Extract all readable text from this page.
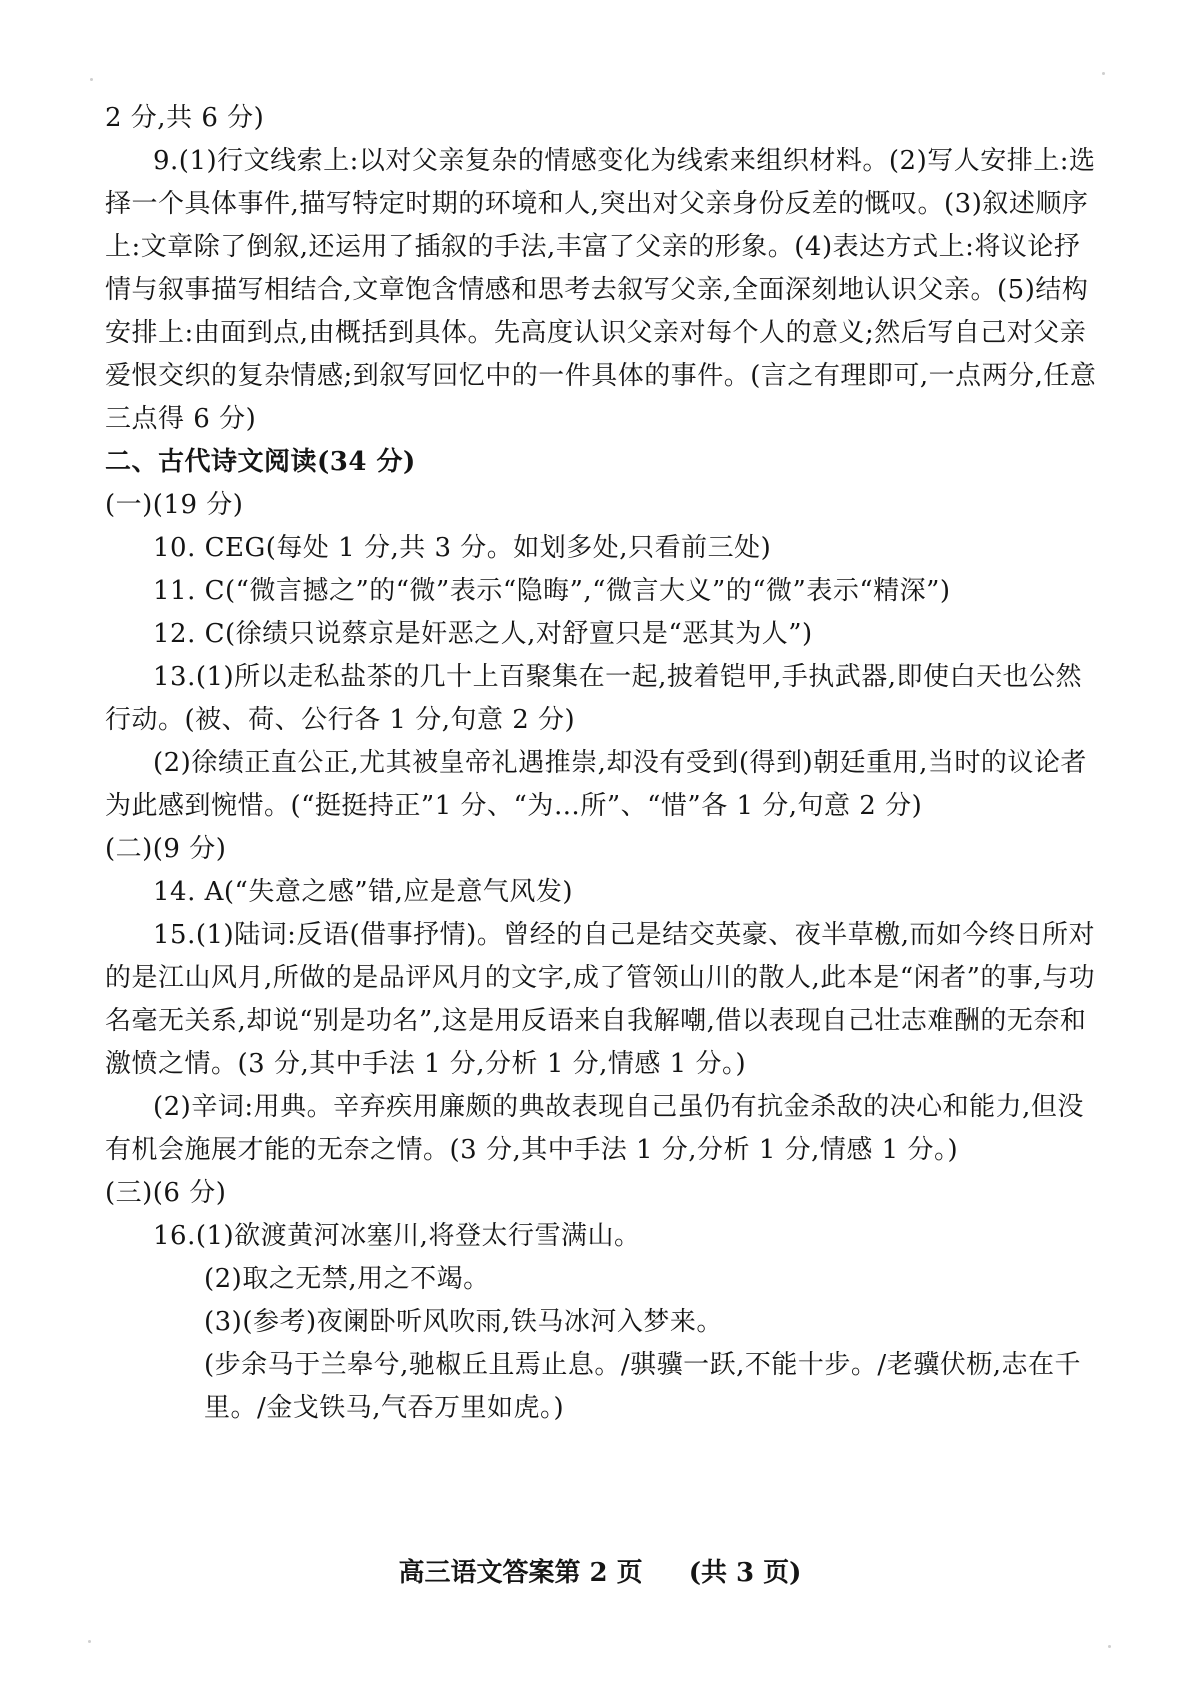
2 分,共 6 分)
9.(1)行文线索上:以对父亲复杂的情感变化为线索来组织材料。(2)写人安排上:选
择一个具体事件,描写特定时期的环境和人,突出对父亲身份反差的慨叹。(3)叙述顺序
上:文章除了倒叙,还运用了插叙的手法,丰富了父亲的形象。(4)表达方式上:将议论抒
情与叙事描写相结合,文章饱含情感和思考去叙写父亲,全面深刻地认识父亲。(5)结构
安排上:由面到点,由概括到具体。先高度认识父亲对每个人的意义;然后写自己对父亲
爱恨交织的复杂情感;到叙写回忆中的一件具体的事件。(言之有理即可,一点两分,任意
三点得 6 分)
二、古代诗文阅读(34 分)
(一)(19 分)
10. CEG(每处 1 分,共 3 分。如划多处,只看前三处)
11. C(“微言撼之”的“微”表示“隐晦”,“微言大义”的“微”表示“精深”)
12. C(徐绩只说蔡京是奸恶之人,对舒亶只是“恶其为人”)
13.(1)所以走私盐茶的几十上百聚集在一起,披着铠甲,手执武器,即使白天也公然
行动。(被、荷、公行各 1 分,句意 2 分)
(2)徐绩正直公正,尤其被皇帝礼遇推崇,却没有受到(得到)朝廷重用,当时的议论者
为此感到惋惜。(“挺挺持正”1 分、“为…所”、“惜”各 1 分,句意 2 分)
(二)(9 分)
14. A(“失意之感”错,应是意气风发)
15.(1)陆词:反语(借事抒情)。曾经的自己是结交英豪、夜半草檄,而如今终日所对
的是江山风月,所做的是品评风月的文字,成了管领山川的散人,此本是“闲者”的事,与功
名毫无关系,却说“别是功名”,这是用反语来自我解嘲,借以表现自己壮志难酬的无奈和
激愤之情。(3 分,其中手法 1 分,分析 1 分,情感 1 分。)
(2)辛词:用典。辛弃疾用廉颇的典故表现自己虽仍有抗金杀敌的决心和能力,但没
有机会施展才能的无奈之情。(3 分,其中手法 1 分,分析 1 分,情感 1 分。)
(三)(6 分)
16.(1)欲渡黄河冰塞川,将登太行雪满山。
(2)取之无禁,用之不竭。
(3)(参考)夜阑卧听风吹雨,铁马冰河入梦来。
(步余马于兰皋兮,驰椒丘且焉止息。/骐骥一跃,不能十步。/老骥伏枥,志在千
里。/金戈铁马,气吞万里如虎。)
高三语文答案第 2 页 (共 3 页)
